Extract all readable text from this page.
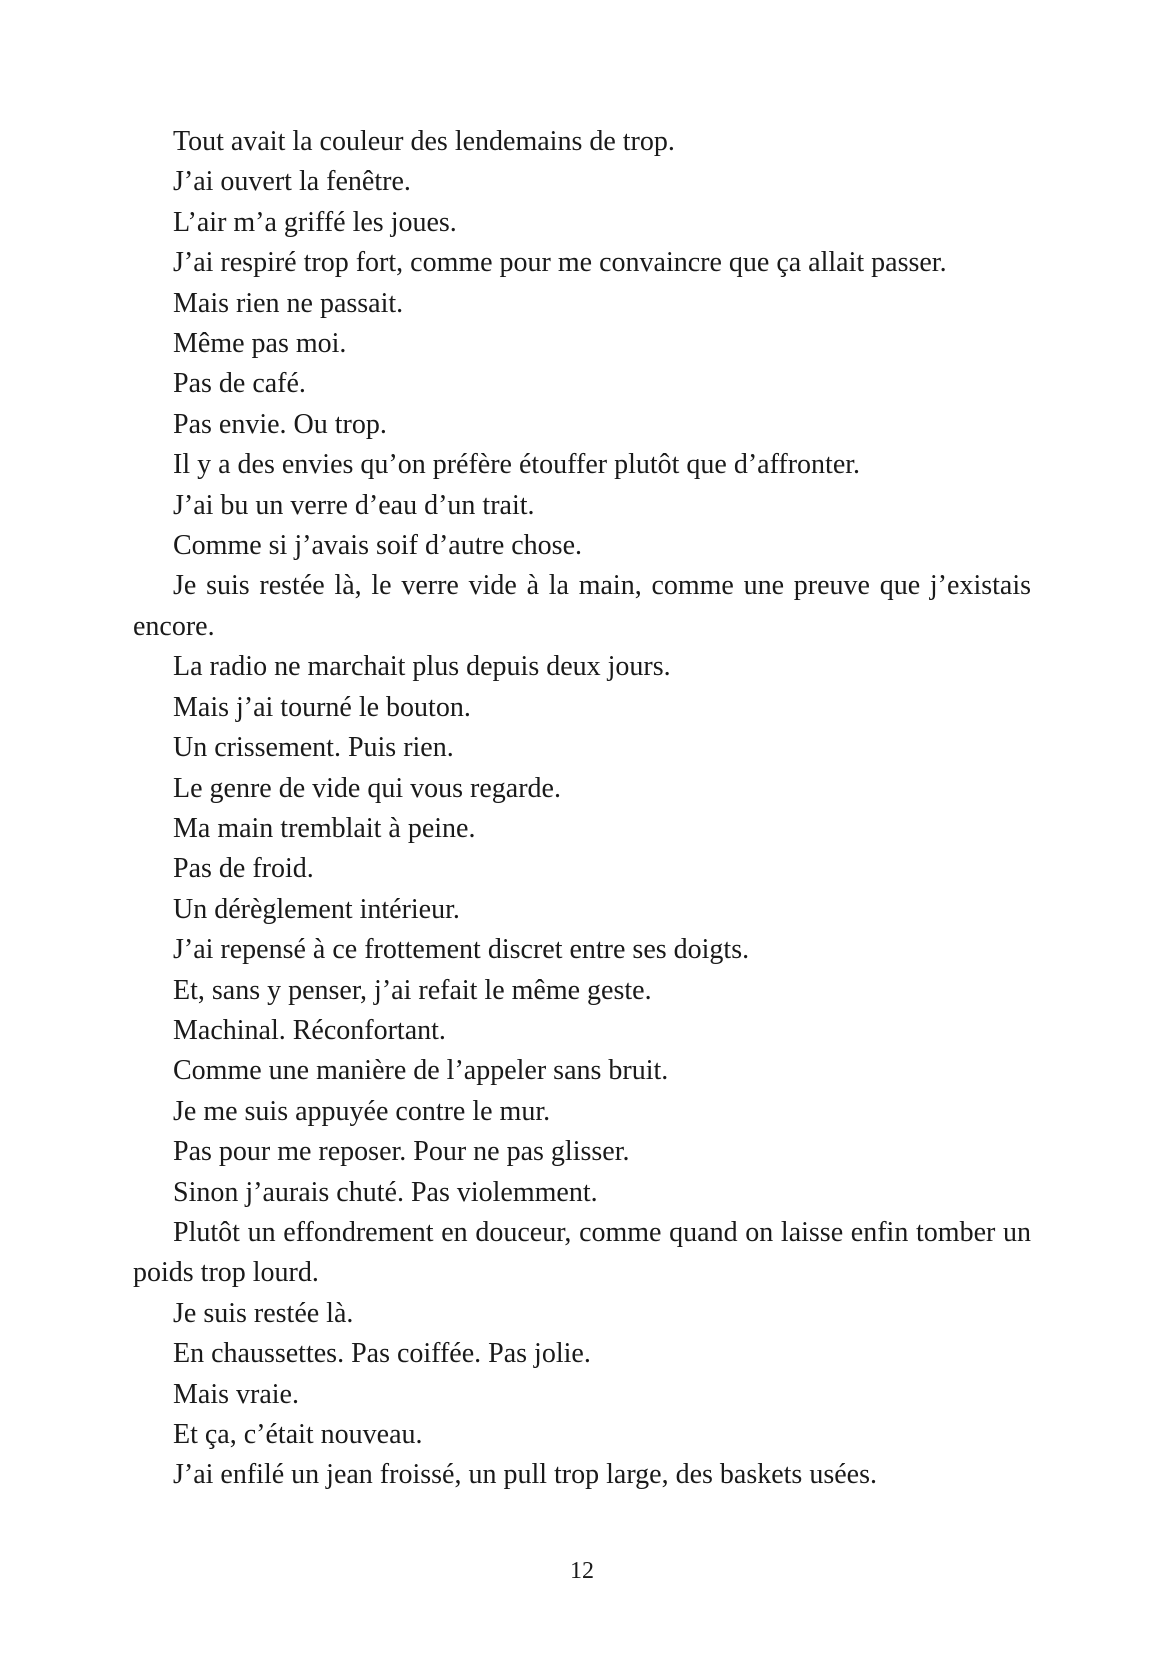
Tout avait la couleur des lendemains de trop.

J’ai ouvert la fenêtre.

L’air m’a griffé les joues.

J’ai respiré trop fort, comme pour me convaincre que ça allait passer.

Mais rien ne passait.

Même pas moi.

Pas de café.

Pas envie. Ou trop.

Il y a des envies qu’on préfère étouffer plutôt que d’affronter.

J’ai bu un verre d’eau d’un trait.

Comme si j’avais soif d’autre chose.

Je suis restée là, le verre vide à la main, comme une preuve que j’existais encore.

La radio ne marchait plus depuis deux jours.

Mais j’ai tourné le bouton.

Un crissement. Puis rien.

Le genre de vide qui vous regarde.

Ma main tremblait à peine.

Pas de froid.

Un dérèglement intérieur.

J’ai repensé à ce frottement discret entre ses doigts.

Et, sans y penser, j’ai refait le même geste.

Machinal. Réconfortant.

Comme une manière de l’appeler sans bruit.

Je me suis appuyée contre le mur.

Pas pour me reposer. Pour ne pas glisser.

Sinon j’aurais chuté. Pas violemment.

Plutôt un effondrement en douceur, comme quand on laisse enfin tomber un poids trop lourd.

Je suis restée là.

En chaussettes. Pas coiffée. Pas jolie.

Mais vraie.

Et ça, c’était nouveau.

J’ai enfilé un jean froissé, un pull trop large, des baskets usées.

12
